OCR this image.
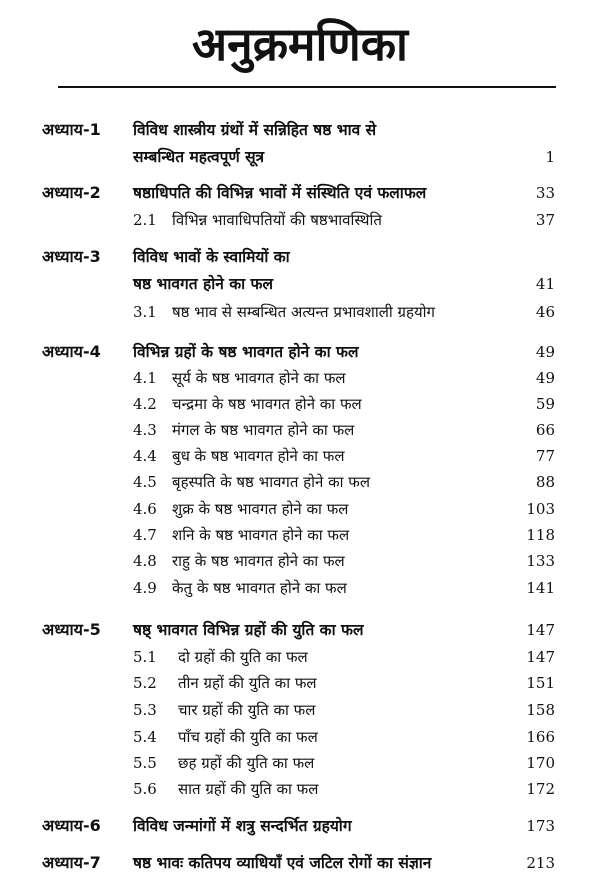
अनुक्रमणिका
अध्याय-1 विविध शास्त्रीय ग्रंथों में सन्निहित षष्ठ भाव से
सम्बन्धित महत्वपूर्ण सूत्र	1
अध्याय-2 षष्ठाधिपति की विभिन्न भावों में संस्थिति एवं फलाफल	33
2.1 विभिन्न भावाधिपतियों की षष्ठभावस्थिति	37
अध्याय-3 विविध भावों के स्वामियों का
षष्ठ भावगत होने का फल	41
3.1 षष्ठ भाव से सम्बन्धित अत्यन्त प्रभावशाली ग्रहयोग	46
अध्याय-4 विभिन्न ग्रहों के षष्ठ भावगत होने का फल	49
4.1 सूर्य के षष्ठ भावगत होने का फल	49
4.2 चन्द्रमा के षष्ठ भावगत होने का फल	59
4.3 मंगल के षष्ठ भावगत होने का फल	66
4.4 बुध के षष्ठ भावगत होने का फल	77
4.5 बृहस्पति के षष्ठ भावगत होने का फल	88
4.6 शुक्र के षष्ठ भावगत होने का फल	103
4.7 शनि के षष्ठ भावगत होने का फल	118
4.8 राहु के षष्ठ भावगत होने का फल	133
4.9 केतु के षष्ठ भावगत होने का फल	141
अध्याय-5 षष्ठ् भावगत विभिन्न ग्रहों की युति का फल	147
5.1 दो ग्रहों की युति का फल	147
5.2 तीन ग्रहों की युति का फल	151
5.3 चार ग्रहों की युति का फल	158
5.4 पाँच ग्रहों की युति का फल	166
5.5 छह ग्रहों की युति का फल	170
5.6 सात ग्रहों की युति का फल	172
अध्याय-6 विविध जन्मांगों में शत्रु सन्दर्भित ग्रहयोग	173
अध्याय-7 षष्ठ भावः कतिपय व्याधियाँ एवं जटिल रोगों का संज्ञान	213
